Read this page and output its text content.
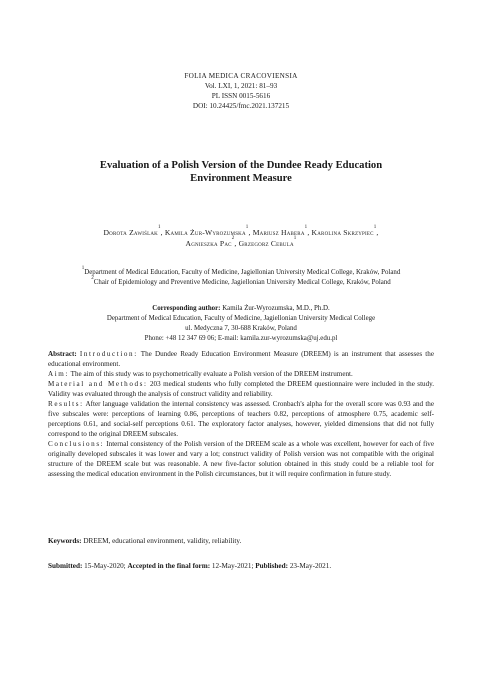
FOLIA MEDICA CRACOVIENSIA
Vol. LXI, 1, 2021: 81–93
PL ISSN 0015-5616
DOI: 10.24425/fmc.2021.137215
Evaluation of a Polish Version of the Dundee Ready Education
Environment Measure
Dorota Zawiślak$^1$, Kamila Żur-Wyrozumska$^1$, Mariusz Habera$^1$, Karolina Skrzypiec$^1$,
Agnieszka Pac$^2$, Grzegorz Cebula$^1$
$^1$Department of Medical Education, Faculty of Medicine, Jagiellonian University Medical College, Kraków, Poland
$^2$Chair of Epidemiology and Preventive Medicine, Jagiellonian University Medical College, Kraków, Poland
Corresponding author: Kamila Żur-Wyrozumska, M.D., Ph.D.
Department of Medical Education, Faculty of Medicine, Jagiellonian University Medical College
ul. Medyczna 7, 30-688 Kraków, Poland
Phone: +48 12 347 69 06; E-mail: kamila.zur-wyrozumska@uj.edu.pl

Abstract: Introduction: The Dundee Ready Education Environment Measure (DREEM) is an instrument that assesses the educational environment.

Aim: The aim of this study was to psychometrically evaluate a Polish version of the DREEM instrument.

Material and Methods: 203 medical students who fully completed the DREEM questionnaire were included in the study. Validity was evaluated through the analysis of construct validity and reliability.

Results: After language validation the internal consistency was assessed. Cronbach's alpha for the overall score was 0.93 and the five subscales were: perceptions of learning 0.86, perceptions of teachers 0.82, perceptions of atmosphere 0.75, academic self-perceptions 0.61, and social-self perceptions 0.61. The exploratory factor analyses, however, yielded dimensions that did not fully correspond to the original DREEM subscales.

Conclusions: Internal consistency of the Polish version of the DREEM scale as a whole was excellent, however for each of five originally developed subscales it was lower and vary a lot; construct validity of Polish version was not compatible with the original structure of the DREEM scale but was reasonable. A new five-factor solution obtained in this study could be a reliable tool for assessing the medical education environment in the Polish circumstances, but it will require confirmation in future study.

Keywords: DREEM, educational environment, validity, reliability.
Submitted: 15-May-2020; Accepted in the final form: 12-May-2021; Published: 23-May-2021.
